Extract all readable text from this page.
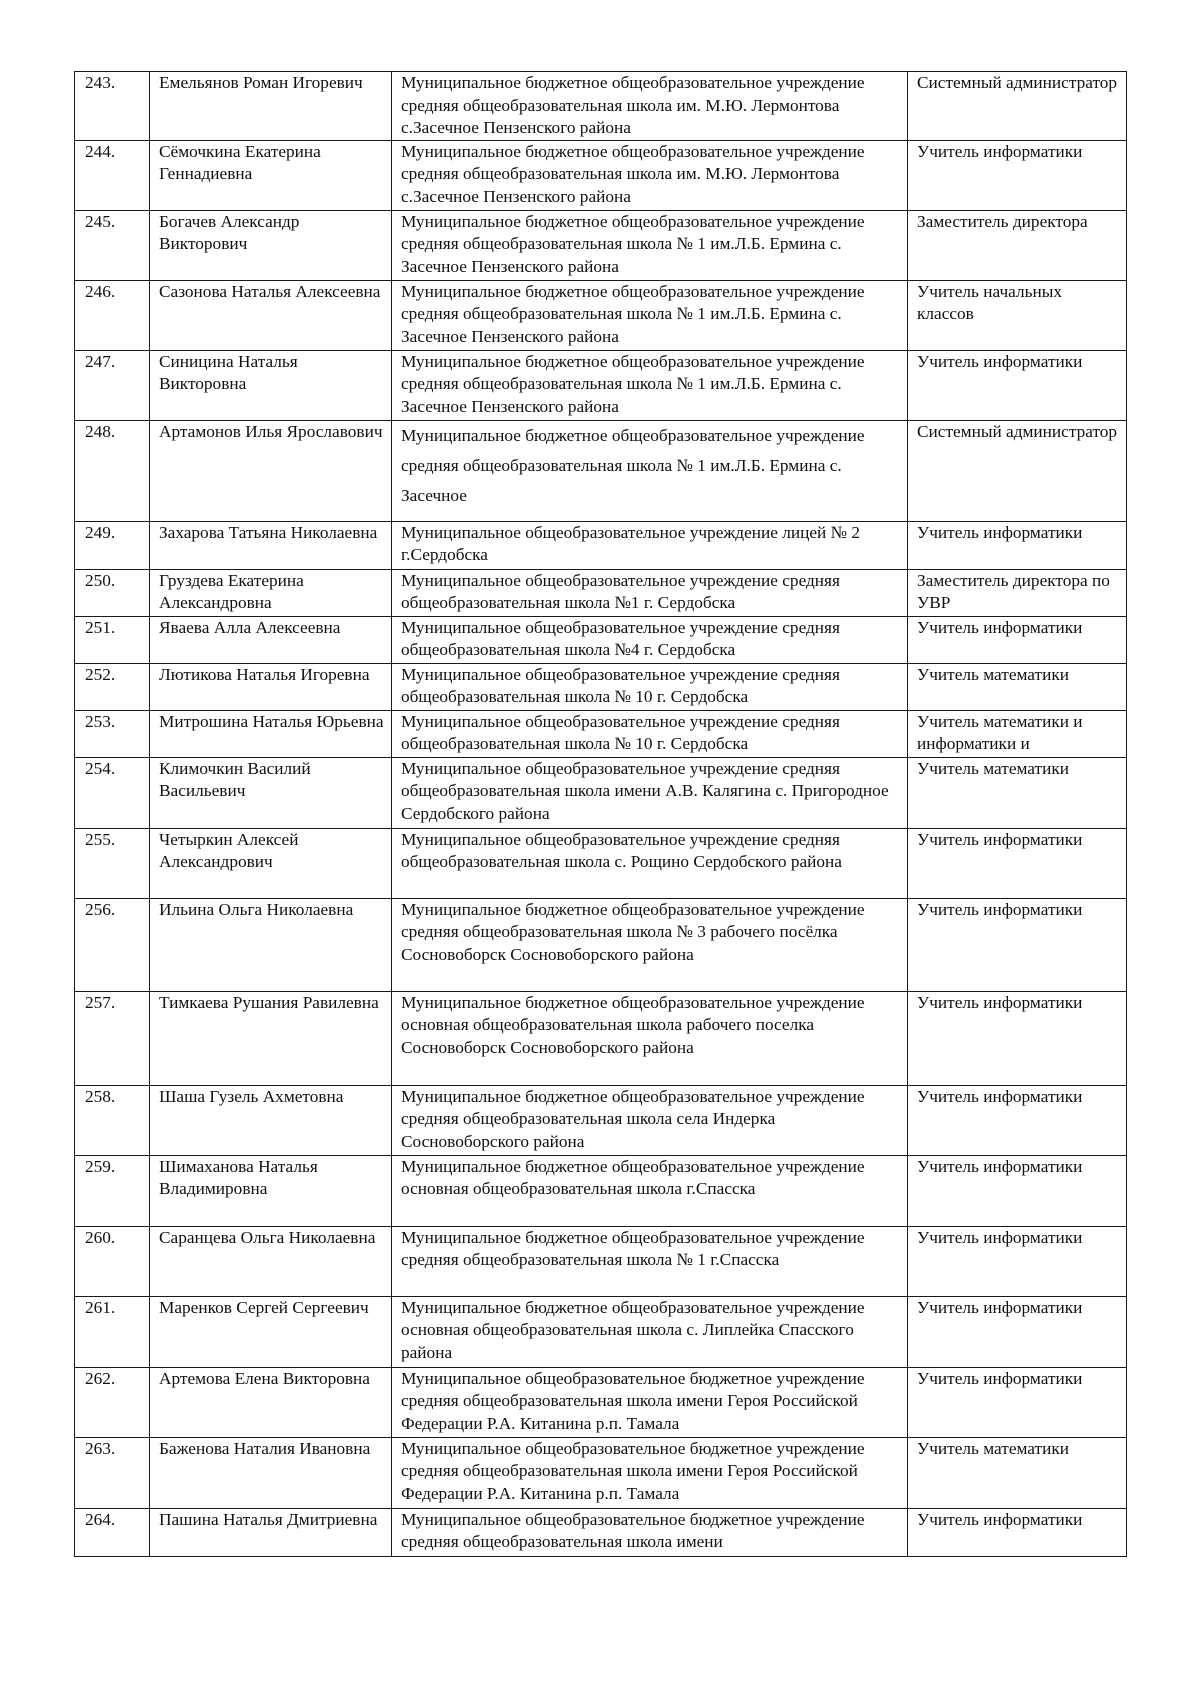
243.	Емельянов Роман Игоревич	Муниципальное бюджетное общеобразовательное учреждение средняя общеобразовательная школа им. М.Ю. Лермонтова с.Засечное Пензенского района	Системный администратор
244.	Сёмочкина Екатерина Геннадиевна	Муниципальное бюджетное общеобразовательное учреждение средняя общеобразовательная школа им. М.Ю. Лермонтова с.Засечное Пензенского района	Учитель информатики
245.	Богачев Александр Викторович	Муниципальное бюджетное общеобразовательное учреждение средняя общеобразовательная школа № 1 им.Л.Б. Ермина с. Засечное Пензенского района	Заместитель директора
246.	Сазонова Наталья Алексеевна	Муниципальное бюджетное общеобразовательное учреждение средняя общеобразовательная школа № 1 им.Л.Б. Ермина с. Засечное Пензенского района	Учитель начальных классов
247.	Синицина Наталья Викторовна	Муниципальное бюджетное общеобразовательное учреждение средняя общеобразовательная школа № 1 им.Л.Б. Ермина с. Засечное Пензенского района	Учитель информатики
248.	Артамонов Илья Ярославович	Муниципальное бюджетное общеобразовательное учреждение средняя общеобразовательная школа № 1 им.Л.Б. Ермина с. Засечное	Системный администратор
249.	Захарова Татьяна Николаевна	Муниципальное общеобразовательное учреждение лицей № 2 г.Сердобска	Учитель информатики
250.	Груздева Екатерина Александровна	Муниципальное общеобразовательное учреждение средняя общеобразовательная школа №1 г. Сердобска	Заместитель директора по УВР
251.	Яваева Алла Алексеевна	Муниципальное общеобразовательное учреждение средняя общеобразовательная школа №4 г. Сердобска	Учитель информатики
252.	Лютикова Наталья Игоревна	Муниципальное общеобразовательное учреждение средняя общеобразовательная школа № 10 г. Сердобска	Учитель математики
253.	Митрошина Наталья Юрьевна	Муниципальное общеобразовательное учреждение средняя общеобразовательная школа № 10 г. Сердобска	Учитель математики и информатики и
254.	Климочкин Василий Васильевич	Муниципальное общеобразовательное учреждение средняя общеобразовательная школа имени А.В. Калягина с. Пригородное Сердобского района	Учитель математики
255.	Четыркин Алексей Александрович	Муниципальное общеобразовательное учреждение средняя общеобразовательная школа с. Рощино Сердобского района	Учитель информатики
256.	Ильина Ольга Николаевна	Муниципальное бюджетное общеобразовательное учреждение средняя общеобразовательная школа № 3 рабочего посёлка Сосновоборск Сосновоборского района	Учитель информатики
257.	Тимкаева Рушания Равилевна	Муниципальное бюджетное общеобразовательное учреждение основная общеобразовательная школа рабочего поселка Сосновоборск Сосновоборского района	Учитель информатики
258.	Шаша Гузель Ахметовна	Муниципальное бюджетное общеобразовательное учреждение средняя общеобразовательная школа села Индерка Сосновоборского района	Учитель информатики
259.	Шимаханова Наталья Владимировна	Муниципальное бюджетное общеобразовательное учреждение основная общеобразовательная школа г.Спасска	Учитель информатики
260.	Саранцева Ольга Николаевна	Муниципальное бюджетное общеобразовательное учреждение средняя общеобразовательная школа № 1 г.Спасска	Учитель информатики
261.	Маренков Сергей Сергеевич	Муниципальное бюджетное общеобразовательное учреждение основная общеобразовательная школа с. Липлейка Спасского района	Учитель информатики
262.	Артемова Елена Викторовна	Муниципальное общеобразовательное бюджетное учреждение средняя общеобразовательная школа имени Героя Российской Федерации Р.А. Китанина р.п. Тамала	Учитель информатики
263.	Баженова Наталия Ивановна	Муниципальное общеобразовательное бюджетное учреждение средняя общеобразовательная школа имени Героя Российской Федерации Р.А. Китанина р.п. Тамала	Учитель математики
264.	Пашина Наталья Дмитриевна	Муниципальное общеобразовательное бюджетное учреждение средняя общеобразовательная школа имени	Учитель информатики
